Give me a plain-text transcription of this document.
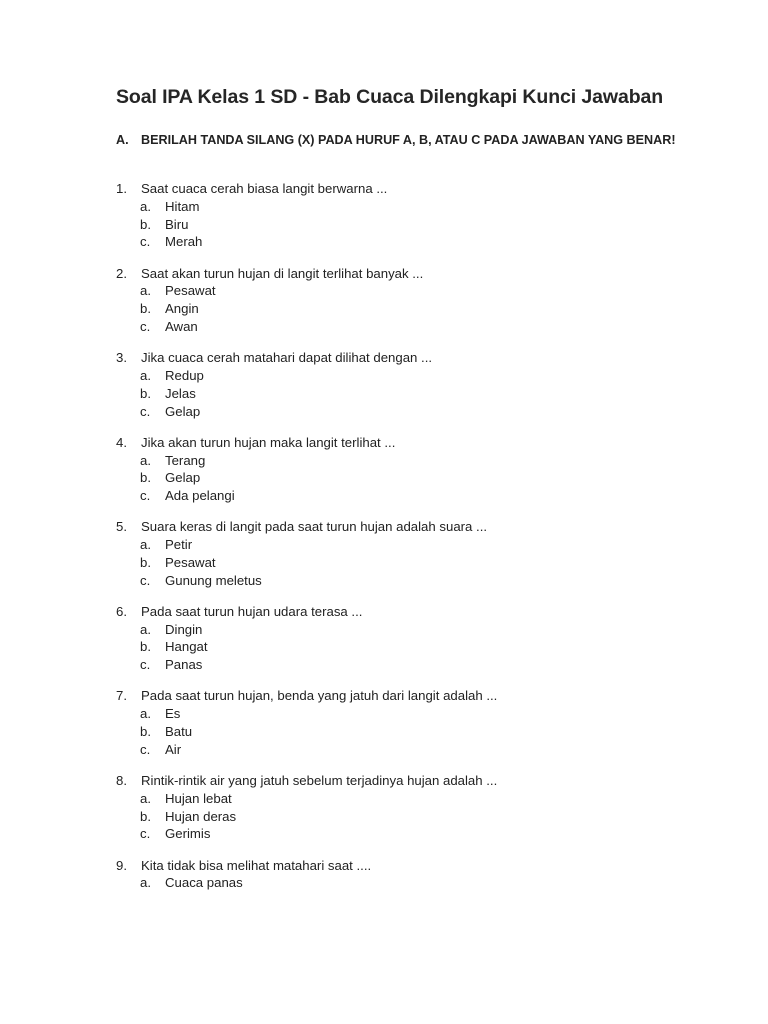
Soal IPA Kelas 1 SD - Bab Cuaca Dilengkapi Kunci Jawaban
A. BERILAH TANDA SILANG (X) PADA HURUF A, B, ATAU C PADA JAWABAN YANG BENAR!
1.	Saat cuaca cerah biasa langit berwarna ...
a.	Hitam
b.	Biru
c.	Merah
2.	Saat akan turun hujan di langit terlihat banyak ...
a.	Pesawat
b.	Angin
c.	Awan
3.	Jika cuaca cerah matahari dapat dilihat dengan ...
a.	Redup
b.	Jelas
c.	Gelap
4.	Jika akan turun hujan maka langit terlihat ...
a.	Terang
b.	Gelap
c.	Ada pelangi
5.	Suara keras di langit pada saat turun hujan adalah suara ...
a.	Petir
b.	Pesawat
c.	Gunung meletus
6.	Pada saat turun hujan udara terasa ...
a.	Dingin
b.	Hangat
c.	Panas
7.	Pada saat turun hujan, benda yang jatuh dari langit adalah ...
a.	Es
b.	Batu
c.	Air
8.	Rintik-rintik air yang jatuh sebelum terjadinya hujan adalah ...
a.	Hujan lebat
b.	Hujan deras
c.	Gerimis
9.	Kita tidak bisa melihat matahari saat ....
a.	Cuaca panas
